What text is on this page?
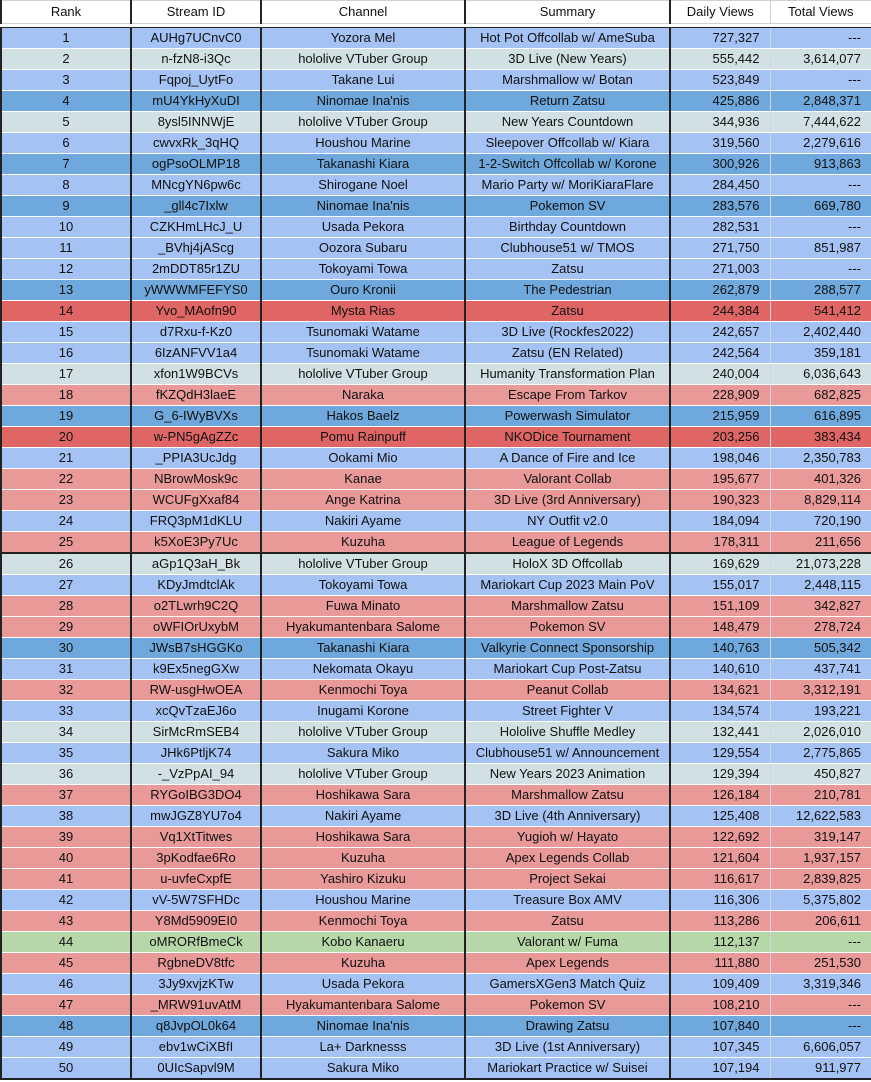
Rank	Stream ID	Channel	Summary	Daily Views	Total Views

1	AUHg7UCnvC0	Yozora Mel	Hot Pot Offcollab w/ AmeSuba	727,327	---
2	n-fzN8-i3Qc	hololive VTuber Group	3D Live (New Years)	555,442	3,614,077
3	Fqpoj_UytFo	Takane Lui	Marshmallow w/ Botan	523,849	---
4	mU4YkHyXuDI	Ninomae Ina'nis	Return Zatsu	425,886	2,848,371
5	8ysl5INNWjE	hololive VTuber Group	New Years Countdown	344,936	7,444,622
6	cwvxRk_3qHQ	Houshou Marine	Sleepover Offcollab w/ Kiara	319,560	2,279,616
7	ogPsoOLMP18	Takanashi Kiara	1-2-Switch Offcollab w/ Korone	300,926	913,863
8	MNcgYN6pw6c	Shirogane Noel	Mario Party w/ MoriKiaraFlare	284,450	---
9	_gll4c7Ixlw	Ninomae Ina'nis	Pokemon SV	283,576	669,780
10	CZKHmLHcJ_U	Usada Pekora	Birthday Countdown	282,531	---
11	_BVhj4jAScg	Oozora Subaru	Clubhouse51 w/ TMOS	271,750	851,987
12	2mDDT85r1ZU	Tokoyami Towa	Zatsu	271,003	---
13	yWWWMFEFYS0	Ouro Kronii	The Pedestrian	262,879	288,577
14	Yvo_MAofn90	Mysta Rias	Zatsu	244,384	541,412
15	d7Rxu-f-Kz0	Tsunomaki Watame	3D Live (Rockfes2022)	242,657	2,402,440
16	6IzANFVV1a4	Tsunomaki Watame	Zatsu (EN Related)	242,564	359,181
17	xfon1W9BCVs	hololive VTuber Group	Humanity Transformation Plan	240,004	6,036,643
18	fKZQdH3laeE	Naraka	Escape From Tarkov	228,909	682,825
19	G_6-IWyBVXs	Hakos Baelz	Powerwash Simulator	215,959	616,895
20	w-PN5gAgZZc	Pomu Rainpuff	NKODice Tournament	203,256	383,434
21	_PPIA3UcJdg	Ookami Mio	A Dance of Fire and Ice	198,046	2,350,783
22	NBrowMosk9c	Kanae	Valorant Collab	195,677	401,326
23	WCUFgXxaf84	Ange Katrina	3D Live (3rd Anniversary)	190,323	8,829,114
24	FRQ3pM1dKLU	Nakiri Ayame	NY Outfit v2.0	184,094	720,190
25	k5XoE3Py7Uc	Kuzuha	League of Legends	178,311	211,656
26	aGp1Q3aH_Bk	hololive VTuber Group	HoloX 3D Offcollab	169,629	21,073,228
27	KDyJmdtclAk	Tokoyami Towa	Mariokart Cup 2023 Main PoV	155,017	2,448,115
28	o2TLwrh9C2Q	Fuwa Minato	Marshmallow Zatsu	151,109	342,827
29	oWFIOrUxybM	Hyakumantenbara Salome	Pokemon SV	148,479	278,724
30	JWsB7sHGGKo	Takanashi Kiara	Valkyrie Connect Sponsorship	140,763	505,342
31	k9Ex5negGXw	Nekomata Okayu	Mariokart Cup Post-Zatsu	140,610	437,741
32	RW-usgHwOEA	Kenmochi Toya	Peanut Collab	134,621	3,312,191
33	xcQvTzaEJ6o	Inugami Korone	Street Fighter V	134,574	193,221
34	SirMcRmSEB4	hololive VTuber Group	Hololive Shuffle Medley	132,441	2,026,010
35	JHk6PtljK74	Sakura Miko	Clubhouse51 w/ Announcement	129,554	2,775,865
36	-_VzPpAI_94	hololive VTuber Group	New Years 2023 Animation	129,394	450,827
37	RYGoIBG3DO4	Hoshikawa Sara	Marshmallow Zatsu	126,184	210,781
38	mwJGZ8YU7o4	Nakiri Ayame	3D Live (4th Anniversary)	125,408	12,622,583
39	Vq1XtTitwes	Hoshikawa Sara	Yugioh w/ Hayato	122,692	319,147
40	3pKodfae6Ro	Kuzuha	Apex Legends Collab	121,604	1,937,157
41	u-uvfeCxpfE	Yashiro Kizuku	Project Sekai	116,617	2,839,825
42	vV-5W7SFHDc	Houshou Marine	Treasure Box AMV	116,306	5,375,802
43	Y8Md5909EI0	Kenmochi Toya	Zatsu	113,286	206,611
44	oMRORfBmeCk	Kobo Kanaeru	Valorant w/ Fuma	112,137	---
45	RgbneDV8tfc	Kuzuha	Apex Legends	111,880	251,530
46	3Jy9xvjzKTw	Usada Pekora	GamersXGen3 Match Quiz	109,409	3,319,346
47	_MRW91uvAtM	Hyakumantenbara Salome	Pokemon SV	108,210	---
48	q8JvpOL0k64	Ninomae Ina'nis	Drawing Zatsu	107,840	---
49	ebv1wCiXBfI	La+ Darknesss	3D Live (1st Anniversary)	107,345	6,606,057
50	0UIcSapvl9M	Sakura Miko	Mariokart Practice w/ Suisei	107,194	911,977
